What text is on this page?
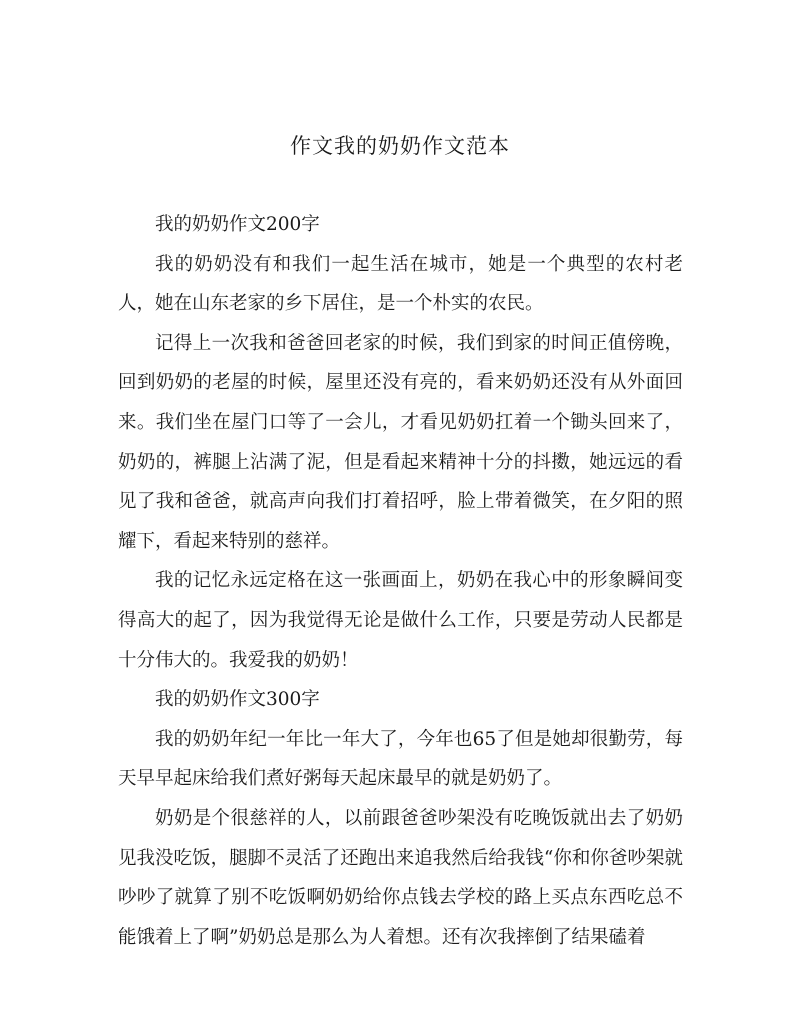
作文我的奶奶作文范本

我的奶奶作文200字

我的奶奶没有和我们一起生活在城市，她是一个典型的农村老人，她在山东老家的乡下居住，是一个朴实的农民。

记得上一次我和爸爸回老家的时候，我们到家的时间正值傍晚，回到奶奶的老屋的时候，屋里还没有亮的，看来奶奶还没有从外面回来。我们坐在屋门口等了一会儿，才看见奶奶扛着一个锄头回来了，奶奶的，裤腿上沾满了泥，但是看起来精神十分的抖擞，她远远的看见了我和爸爸，就高声向我们打着招呼，脸上带着微笑，在夕阳的照耀下，看起来特别的慈祥。

我的记忆永远定格在这一张画面上，奶奶在我心中的形象瞬间变得高大的起了，因为我觉得无论是做什么工作，只要是劳动人民都是十分伟大的。我爱我的奶奶！

我的奶奶作文300字

我的奶奶年纪一年比一年大了，今年也65了但是她却很勤劳，每天早早起床给我们煮好粥每天起床最早的就是奶奶了。

奶奶是个很慈祥的人，以前跟爸爸吵架没有吃晚饭就出去了奶奶见我没吃饭，腿脚不灵活了还跑出来追我然后给我钱“你和你爸吵架就吵吵了就算了别不吃饭啊奶奶给你点钱去学校的路上买点东西吃总不能饿着上了啊”奶奶总是那么为人着想。还有次我摔倒了结果磕着
